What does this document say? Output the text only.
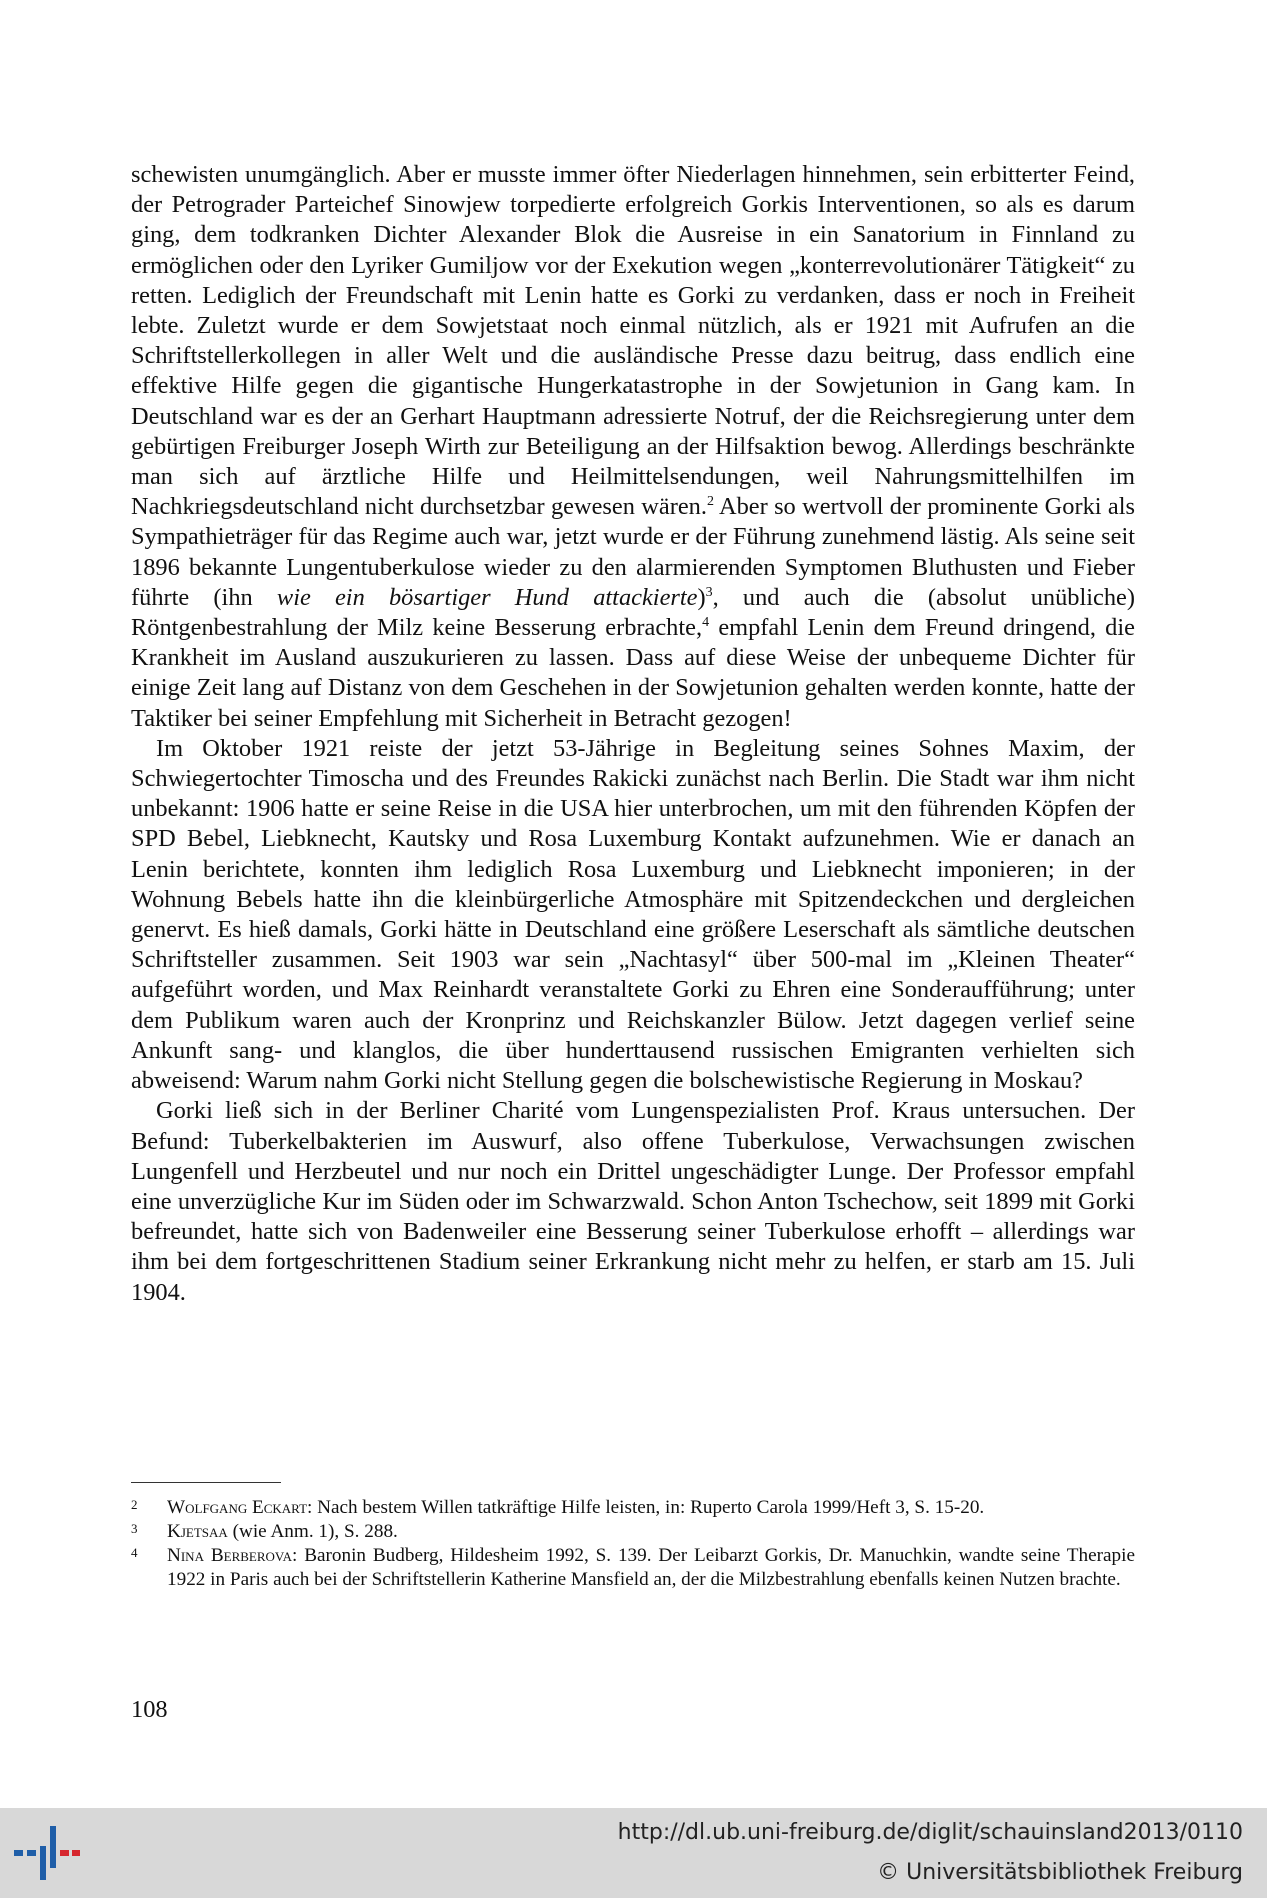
schewisten unumgänglich. Aber er musste immer öfter Niederlagen hinnehmen, sein erbitterter Feind, der Petrograder Parteichef Sinowjew torpedierte erfolgreich Gorkis Interventionen, so als es darum ging, dem todkranken Dichter Alexander Blok die Ausreise in ein Sanatorium in Finnland zu ermöglichen oder den Lyriker Gumiljow vor der Exekution wegen „konterrevolutionärer Tätigkeit“ zu retten. Lediglich der Freundschaft mit Lenin hatte es Gorki zu verdanken, dass er noch in Freiheit lebte. Zuletzt wurde er dem Sowjetstaat noch einmal nützlich, als er 1921 mit Aufrufen an die Schriftstellerkollegen in aller Welt und die ausländische Presse dazu beitrug, dass endlich eine effektive Hilfe gegen die gigantische Hungerkatastrophe in der Sowjetunion in Gang kam. In Deutschland war es der an Gerhart Hauptmann adressierte Notruf, der die Reichsregierung unter dem gebürtigen Freiburger Joseph Wirth zur Beteiligung an der Hilfsaktion bewog. Allerdings beschränkte man sich auf ärztliche Hilfe und Heilmittelsendungen, weil Nahrungsmittelhilfen im Nachkriegsdeutschland nicht durchsetzbar gewesen wären.$^2$ Aber so wertvoll der prominente Gorki als Sympathieträger für das Regime auch war, jetzt wurde er der Führung zunehmend lästig. Als seine seit 1896 bekannte Lungentuberkulose wieder zu den alarmierenden Symptomen Bluthusten und Fieber führte (ihn wie ein bösartiger Hund attackierte)$^3$, und auch die (absolut unübliche) Röntgenbestrahlung der Milz keine Besserung erbrachte,$^4$ empfahl Lenin dem Freund dringend, die Krankheit im Ausland auszukurieren zu lassen. Dass auf diese Weise der unbequeme Dichter für einige Zeit lang auf Distanz von dem Geschehen in der Sowjetunion gehalten werden konnte, hatte der Taktiker bei seiner Empfehlung mit Sicherheit in Betracht gezogen!

Im Oktober 1921 reiste der jetzt 53-Jährige in Begleitung seines Sohnes Maxim, der Schwiegertochter Timoscha und des Freundes Rakicki zunächst nach Berlin. Die Stadt war ihm nicht unbekannt: 1906 hatte er seine Reise in die USA hier unterbrochen, um mit den führenden Köpfen der SPD Bebel, Liebknecht, Kautsky und Rosa Luxemburg Kontakt aufzunehmen. Wie er danach an Lenin berichtete, konnten ihm lediglich Rosa Luxemburg und Liebknecht imponieren; in der Wohnung Bebels hatte ihn die kleinbürgerliche Atmosphäre mit Spitzendeckchen und dergleichen genervt. Es hieß damals, Gorki hätte in Deutschland eine größere Leserschaft als sämtliche deutschen Schriftsteller zusammen. Seit 1903 war sein „Nachtasyl“ über 500-mal im „Kleinen Theater“ aufgeführt worden, und Max Reinhardt veranstaltete Gorki zu Ehren eine Sonderaufführung; unter dem Publikum waren auch der Kronprinz und Reichskanzler Bülow. Jetzt dagegen verlief seine Ankunft sang- und klanglos, die über hunderttausend russischen Emigranten verhielten sich abweisend: Warum nahm Gorki nicht Stellung gegen die bolschewistische Regierung in Moskau?

Gorki ließ sich in der Berliner Charité vom Lungenspezialisten Prof. Kraus untersuchen. Der Befund: Tuberkelbakterien im Auswurf, also offene Tuberkulose, Verwachsungen zwischen Lungenfell und Herzbeutel und nur noch ein Drittel ungeschädigter Lunge. Der Professor empfahl eine unverzügliche Kur im Süden oder im Schwarzwald. Schon Anton Tschechow, seit 1899 mit Gorki befreundet, hatte sich von Badenweiler eine Besserung seiner Tuberkulose erhofft – allerdings war ihm bei dem fortgeschrittenen Stadium seiner Erkrankung nicht mehr zu helfen, er starb am 15. Juli 1904.

2 Wolfgang Eckart: Nach bestem Willen tatkräftige Hilfe leisten, in: Ruperto Carola 1999/Heft 3, S. 15-20.

3 Kjetsaa (wie Anm. 1), S. 288.

4 Nina Berberova: Baronin Budberg, Hildesheim 1992, S. 139. Der Leibarzt Gorkis, Dr. Manuchkin, wandte seine Therapie 1922 in Paris auch bei der Schriftstellerin Katherine Mansfield an, der die Milzbestrahlung ebenfalls keinen Nutzen brachte.

108
http://dl.ub.uni-freiburg.de/diglit/schauinsland2013/0110
© Universitätsbibliothek Freiburg
